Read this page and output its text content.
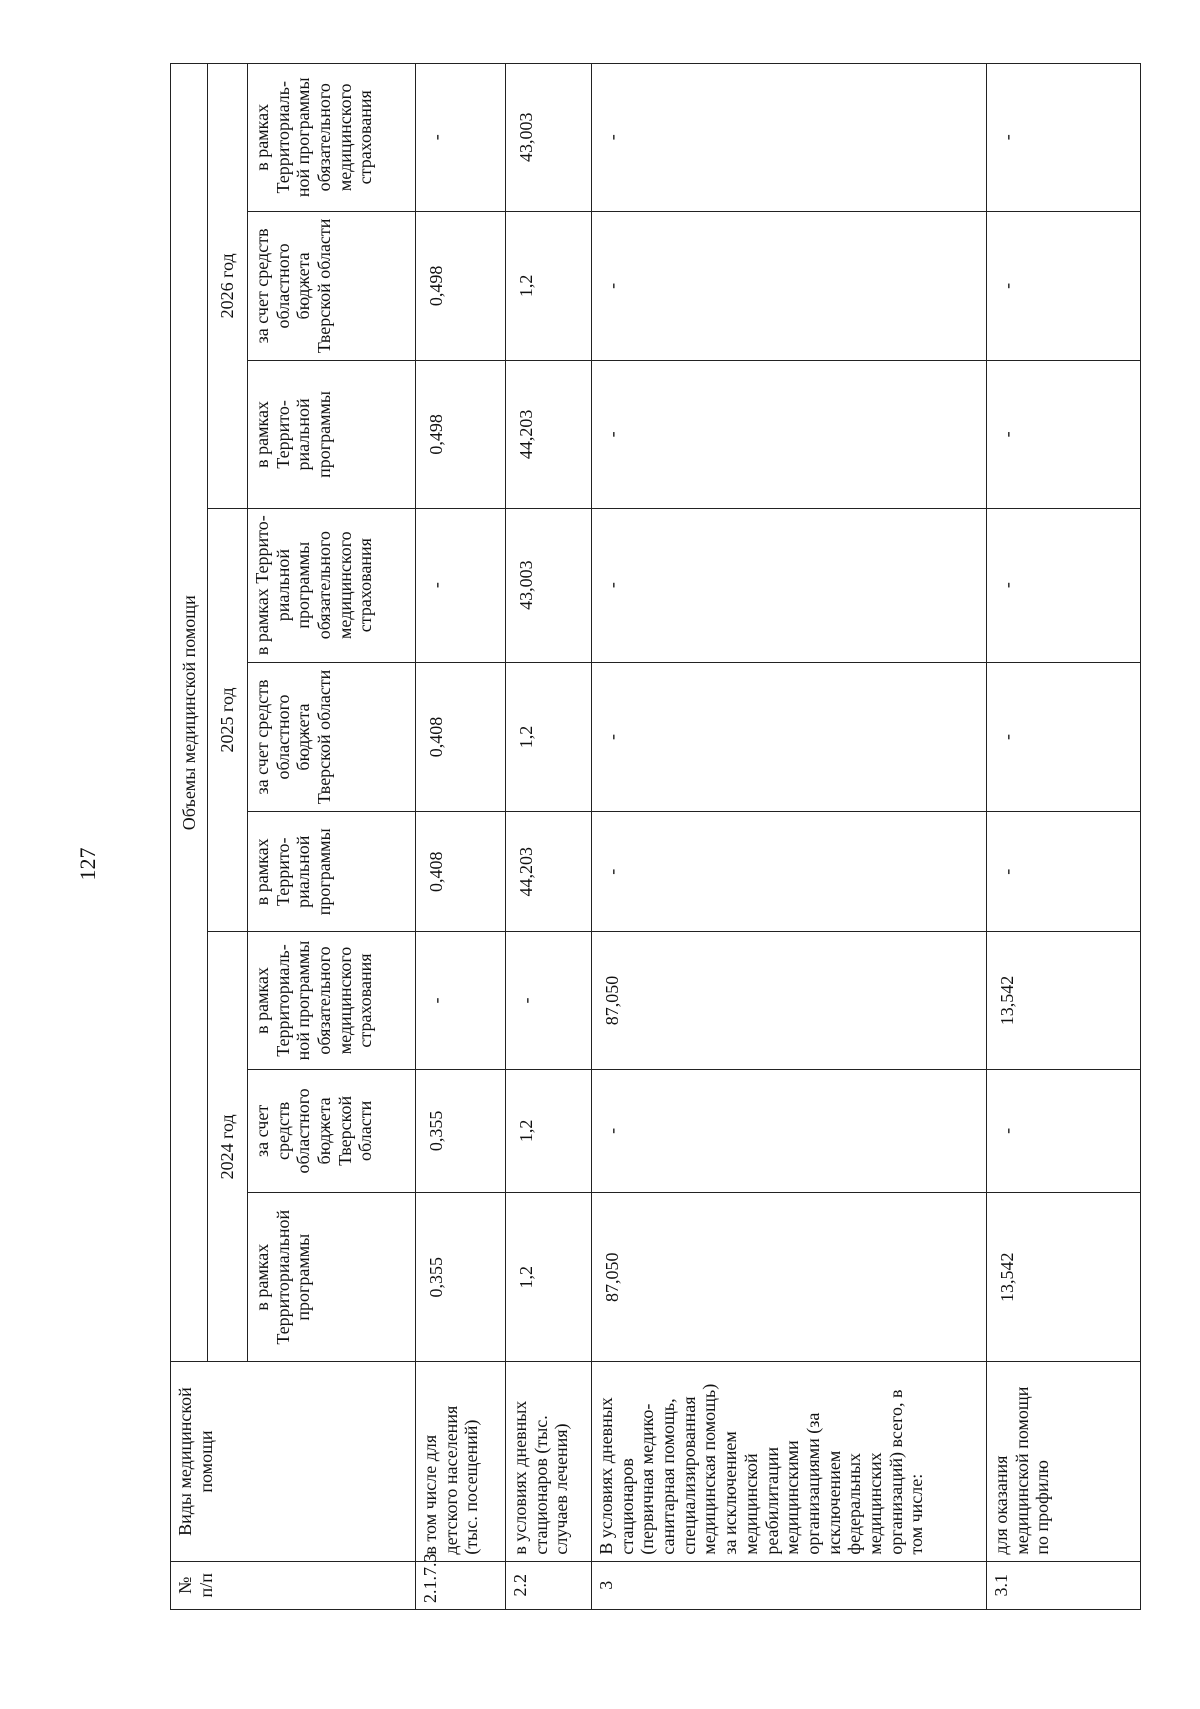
127
№ п/п	Виды медицинской помощи	Объемы медицинской помощи								
		2024 год			2025 год			2026 год		
		в рамках Территориальной программы	за счет средств областного бюджета Тверской области	в рамках Территориаль-ной программы обязательного медицинского страхования	в рамках Террито-риальной программы	за счет средств областного бюджета Тверской области	в рамках Террито-риальной программы обязательного медицинского страхования	в рамках Террито-риальной программы	за счет средств областного бюджета Тверской области	в рамках Территориаль-ной программы обязательного медицинского страхования
2.1.7.3	в том числе для детского населения (тыс. посещений)	0,355	0,355	-	0,408	0,408	-	0,498	0,498	-
2.2	в условиях дневных стационаров (тыс. случаев лечения)	1,2	1,2	-	44,203	1,2	43,003	44,203	1,2	43,003
3	В условиях дневных стационаров (первичная медико-санитарная помощь, специализированная медицинская помощь) за исключением медицинской реабилитации медицинскими организациями (за исключением федеральных медицинских организаций) всего, в том числе:	87,050	-	87,050	-	-	-	-	-	-
3.1	для оказания медицинской помощи по профилю	13,542	-	13,542	-	-	-	-	-	-
